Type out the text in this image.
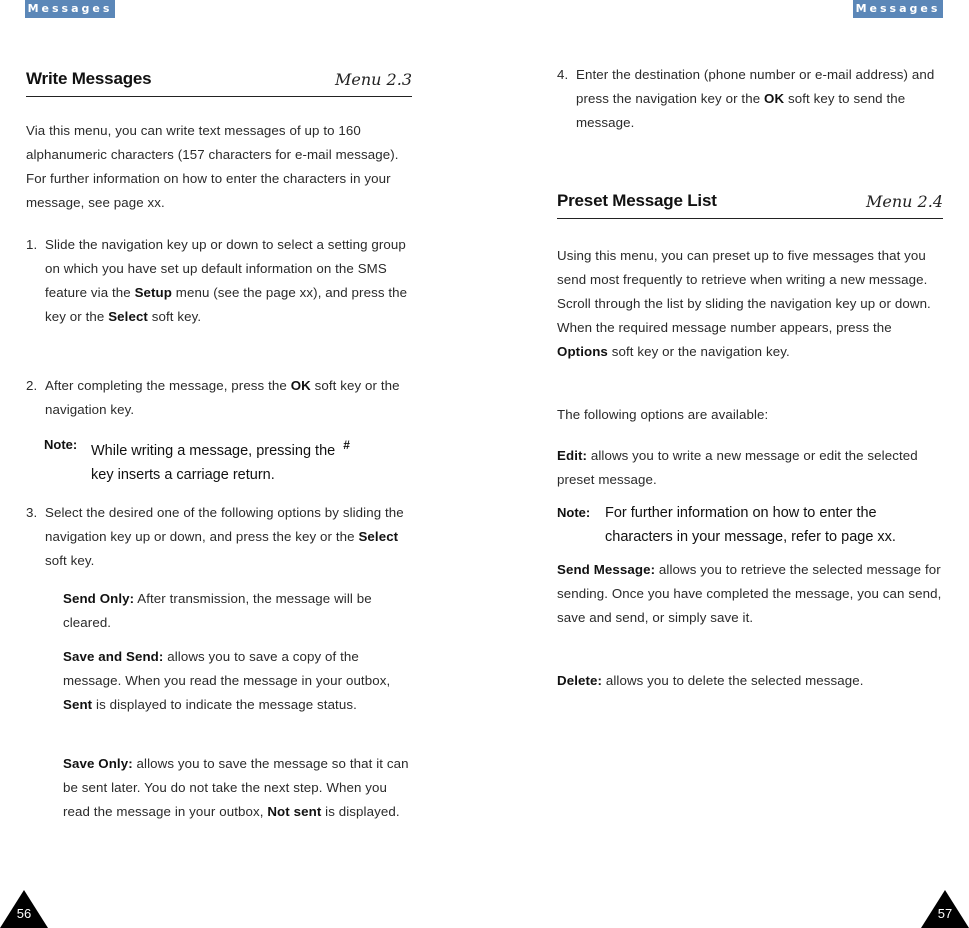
Messages	Messages
Write Messages	Menu 2.3
Via this menu, you can write text messages of up to 160 alphanumeric characters (157 characters for e-mail message). For further information on how to enter the characters in your message, see page xx.
1. Slide the navigation key up or down to select a setting group on which you have set up default information on the SMS feature via the Setup menu (see the page xx), and press the key or the Select soft key.
2. After completing the message, press the OK soft key or the navigation key.
Note: While writing a message, pressing the #
key inserts a carriage return.
3. Select the desired one of the following options by sliding the navigation key up or down, and press the key or the Select soft key.
Send Only: After transmission, the message will be cleared.
Save and Send: allows you to save a copy of the message. When you read the message in your outbox, Sent is displayed to indicate the message status.
Save Only: allows you to save the message so that it can be sent later. You do not take the next step. When you read the message in your outbox, Not sent is displayed.
4. Enter the destination (phone number or e-mail address) and press the navigation key or the OK soft key to send the message.
Preset Message List	Menu 2.4
Using this menu, you can preset up to five messages that you send most frequently to retrieve when writing a new message. Scroll through the list by sliding the navigation key up or down. When the required message number appears, press the Options soft key or the navigation key.
The following options are available:
Edit: allows you to write a new message or edit the selected preset message.
Note:	For further information on how to enter the characters in your message, refer to page xx.
Send Message: allows you to retrieve the selected message for sending. Once you have completed the message, you can send, save and send, or simply save it.
Delete: allows you to delete the selected message.
56	57
